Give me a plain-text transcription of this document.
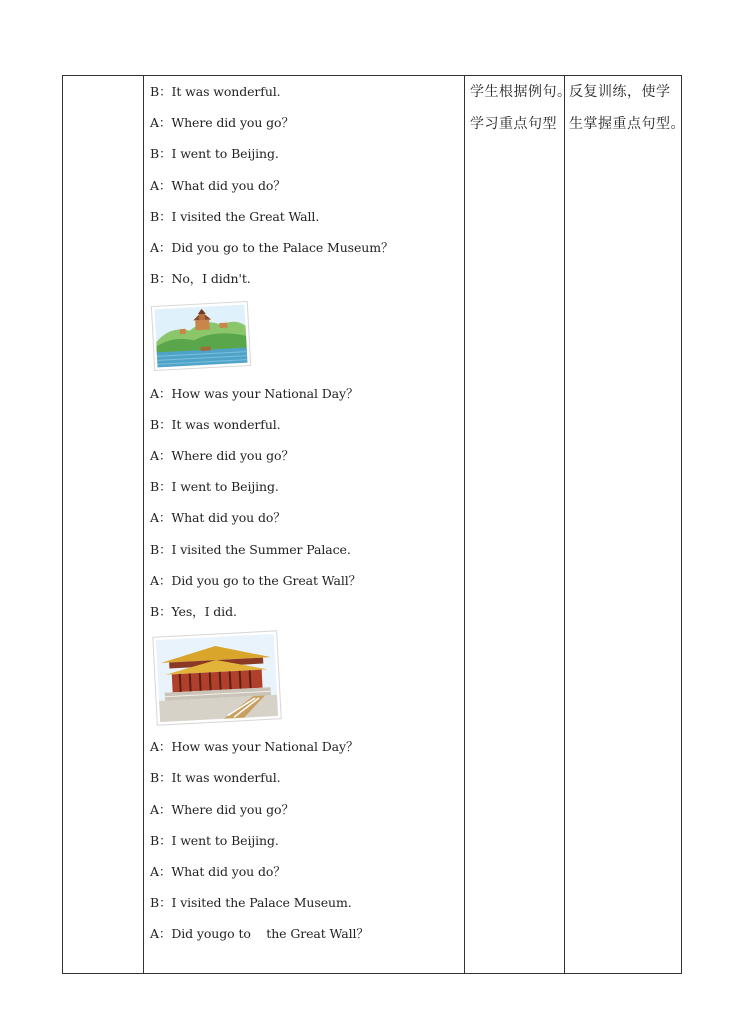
B：It was wonderful.
A：Where did you go？
B：I went to Beijing.
A：What did you do？
B：I visited the Great Wall.
A：Did you go to the Palace Museum？
B：No，I didn't.
A：How was your National Day？
B：It was wonderful.
A：Where did you go？
B：I went to Beijing.
A：What did you do？
B：I visited the Summer Palace.
A：Did you go to the Great Wall？
B：Yes，I did.
A：How was your National Day？
B：It was wonderful.
A：Where did you go？
B：I went to Beijing.
A：What did you do？
B：I visited the Palace Museum.
A：Did yougo to    the Great Wall？
学生根据例句。
学习重点句型
反复训练，使学
生掌握重点句型。
